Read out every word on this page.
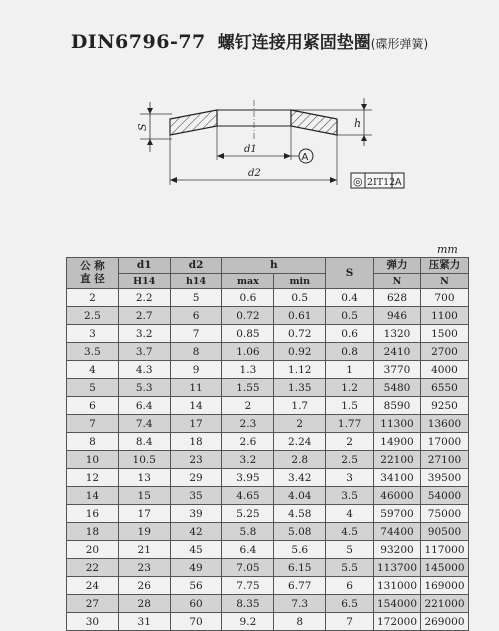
DIN6796-77 螺钉连接用紧固垫圈(碟形弹簧)
S	h
d1
A
d2
◎ 2IT12 A
mm
公 称
直 径	d1	d2	h		S	弹力	压紧力
	H14	h14	max	min		N	N
2	2.2	5	0.6	0.5	0.4	628	700
2.5	2.7	6	0.72	0.61	0.5	946	1100
3	3.2	7	0.85	0.72	0.6	1320	1500
3.5	3.7	8	1.06	0.92	0.8	2410	2700
4	4.3	9	1.3	1.12	1	3770	4000
5	5.3	11	1.55	1.35	1.2	5480	6550
6	6.4	14	2	1.7	1.5	8590	9250
7	7.4	17	2.3	2	1.77	11300	13600
8	8.4	18	2.6	2.24	2	14900	17000
10	10.5	23	3.2	2.8	2.5	22100	27100
12	13	29	3.95	3.42	3	34100	39500
14	15	35	4.65	4.04	3.5	46000	54000
16	17	39	5.25	4.58	4	59700	75000
18	19	42	5.8	5.08	4.5	74400	90500
20	21	45	6.4	5.6	5	93200	117000
22	23	49	7.05	6.15	5.5	113700	145000
24	26	56	7.75	6.77	6	131000	169000
27	28	60	8.35	7.3	6.5	154000	221000
30	31	70	9.2	8	7	172000	269000
